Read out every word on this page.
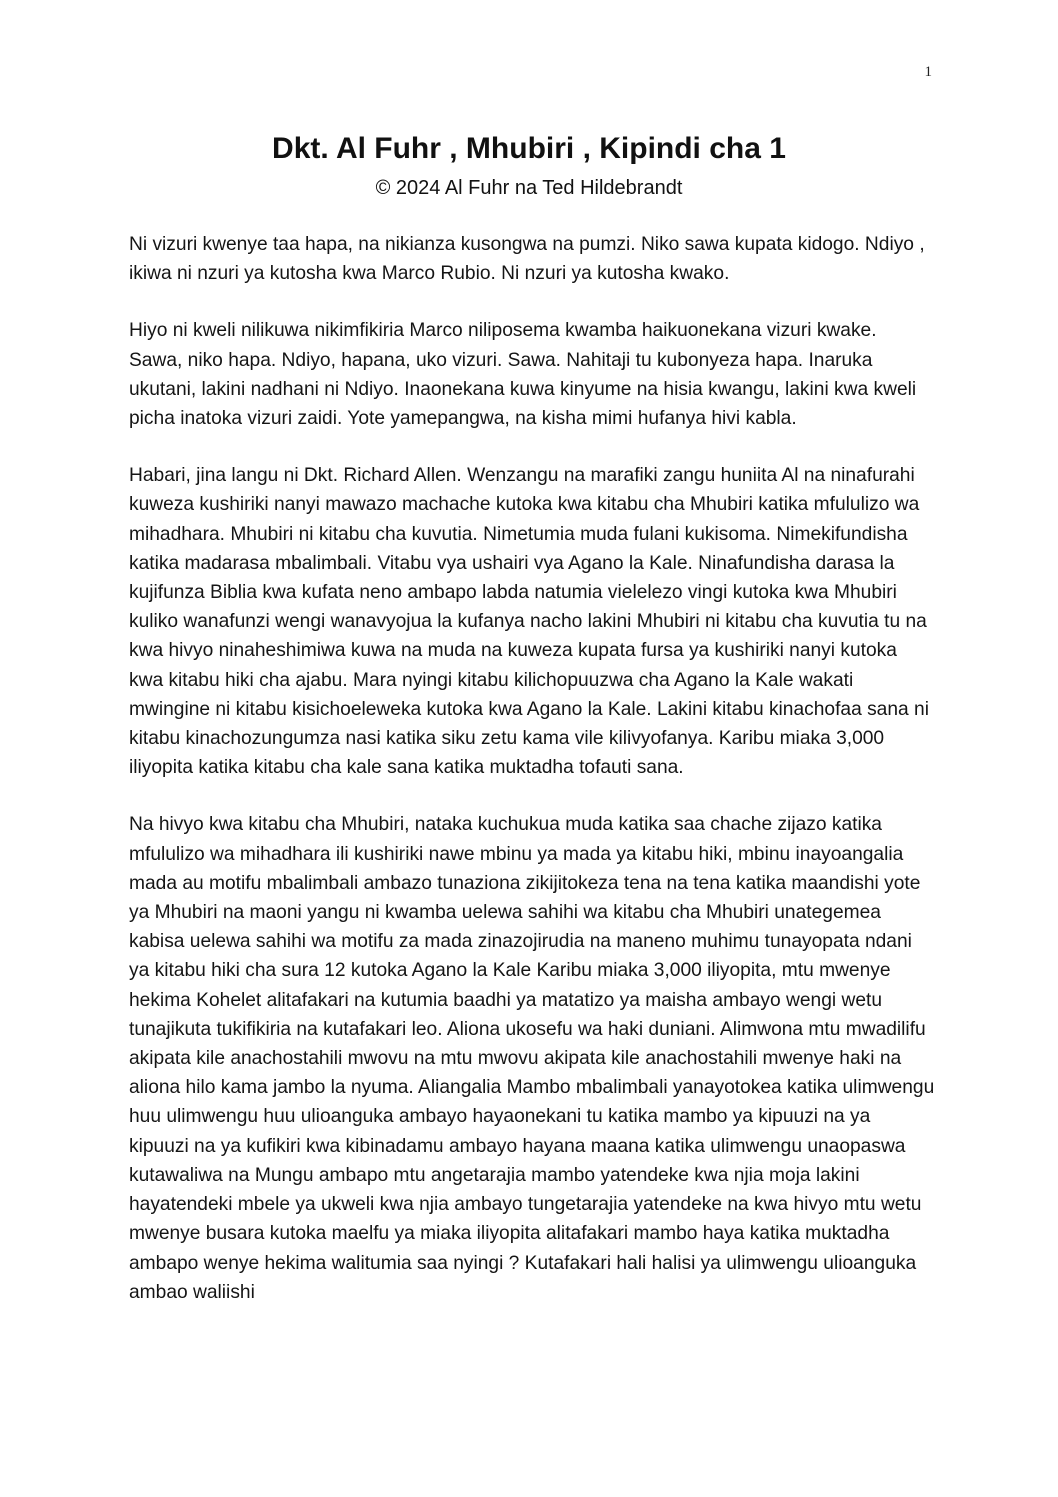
1
Dkt. Al Fuhr , Mhubiri , Kipindi cha 1
© 2024 Al Fuhr na Ted Hildebrandt

Ni vizuri kwenye taa hapa, na nikianza kusongwa na pumzi. Niko sawa kupata kidogo. Ndiyo , ikiwa ni nzuri ya kutosha kwa Marco Rubio. Ni nzuri ya kutosha kwako.

Hiyo ni kweli nilikuwa nikimfikiria Marco niliposema kwamba haikuonekana vizuri kwake. Sawa, niko hapa. Ndiyo, hapana, uko vizuri. Sawa. Nahitaji tu kubonyeza hapa. Inaruka ukutani, lakini nadhani ni Ndiyo. Inaonekana kuwa kinyume na hisia kwangu, lakini kwa kweli picha inatoka vizuri zaidi. Yote yamepangwa, na kisha mimi hufanya hivi kabla.

Habari, jina langu ni Dkt. Richard Allen. Wenzangu na marafiki zangu huniita Al na ninafurahi kuweza kushiriki nanyi mawazo machache kutoka kwa kitabu cha Mhubiri katika mfululizo wa mihadhara. Mhubiri ni kitabu cha kuvutia. Nimetumia muda fulani kukisoma. Nimekifundisha katika madarasa mbalimbali. Vitabu vya ushairi vya Agano la Kale. Ninafundisha darasa la kujifunza Biblia kwa kufata neno ambapo labda natumia vielelezo vingi kutoka kwa Mhubiri kuliko wanafunzi wengi wanavyojua la kufanya nacho lakini Mhubiri ni kitabu cha kuvutia tu na kwa hivyo ninaheshimiwa kuwa na muda na kuweza kupata fursa ya kushiriki nanyi kutoka kwa kitabu hiki cha ajabu. Mara nyingi kitabu kilichopuuzwa cha Agano la Kale wakati mwingine ni kitabu kisichoeleweka kutoka kwa Agano la Kale. Lakini kitabu kinachofaa sana ni kitabu kinachozungumza nasi katika siku zetu kama vile kilivyofanya. Karibu miaka 3,000 iliyopita katika kitabu cha kale sana katika muktadha tofauti sana.

Na hivyo kwa kitabu cha Mhubiri, nataka kuchukua muda katika saa chache zijazo katika mfululizo wa mihadhara ili kushiriki nawe mbinu ya mada ya kitabu hiki, mbinu inayoangalia mada au motifu mbalimbali ambazo tunaziona zikijitokeza tena na tena katika maandishi yote ya Mhubiri na maoni yangu ni kwamba uelewa sahihi wa kitabu cha Mhubiri unategemea kabisa uelewa sahihi wa motifu za mada zinazojirudia na maneno muhimu tunayopata ndani ya kitabu hiki cha sura 12 kutoka Agano la Kale Karibu miaka 3,000 iliyopita, mtu mwenye hekima Kohelet alitafakari na kutumia baadhi ya matatizo ya maisha ambayo wengi wetu tunajikuta tukifikiria na kutafakari leo. Aliona ukosefu wa haki duniani. Alimwona mtu mwadilifu akipata kile anachostahili mwovu na mtu mwovu akipata kile anachostahili mwenye haki na aliona hilo kama jambo la nyuma. Aliangalia Mambo mbalimbali yanayotokea katika ulimwengu huu ulimwengu huu ulioanguka ambayo hayaonekani tu katika mambo ya kipuuzi na ya kipuuzi na ya kufikiri kwa kibinadamu ambayo hayana maana katika ulimwengu unaopaswa kutawaliwa na Mungu ambapo mtu angetarajia mambo yatendeke kwa njia moja lakini hayatendeki mbele ya ukweli kwa njia ambayo tungetarajia yatendeke na kwa hivyo mtu wetu mwenye busara kutoka maelfu ya miaka iliyopita alitafakari mambo haya katika muktadha ambapo wenye hekima walitumia saa nyingi ? Kutafakari hali halisi ya ulimwengu ulioanguka ambao waliishi
